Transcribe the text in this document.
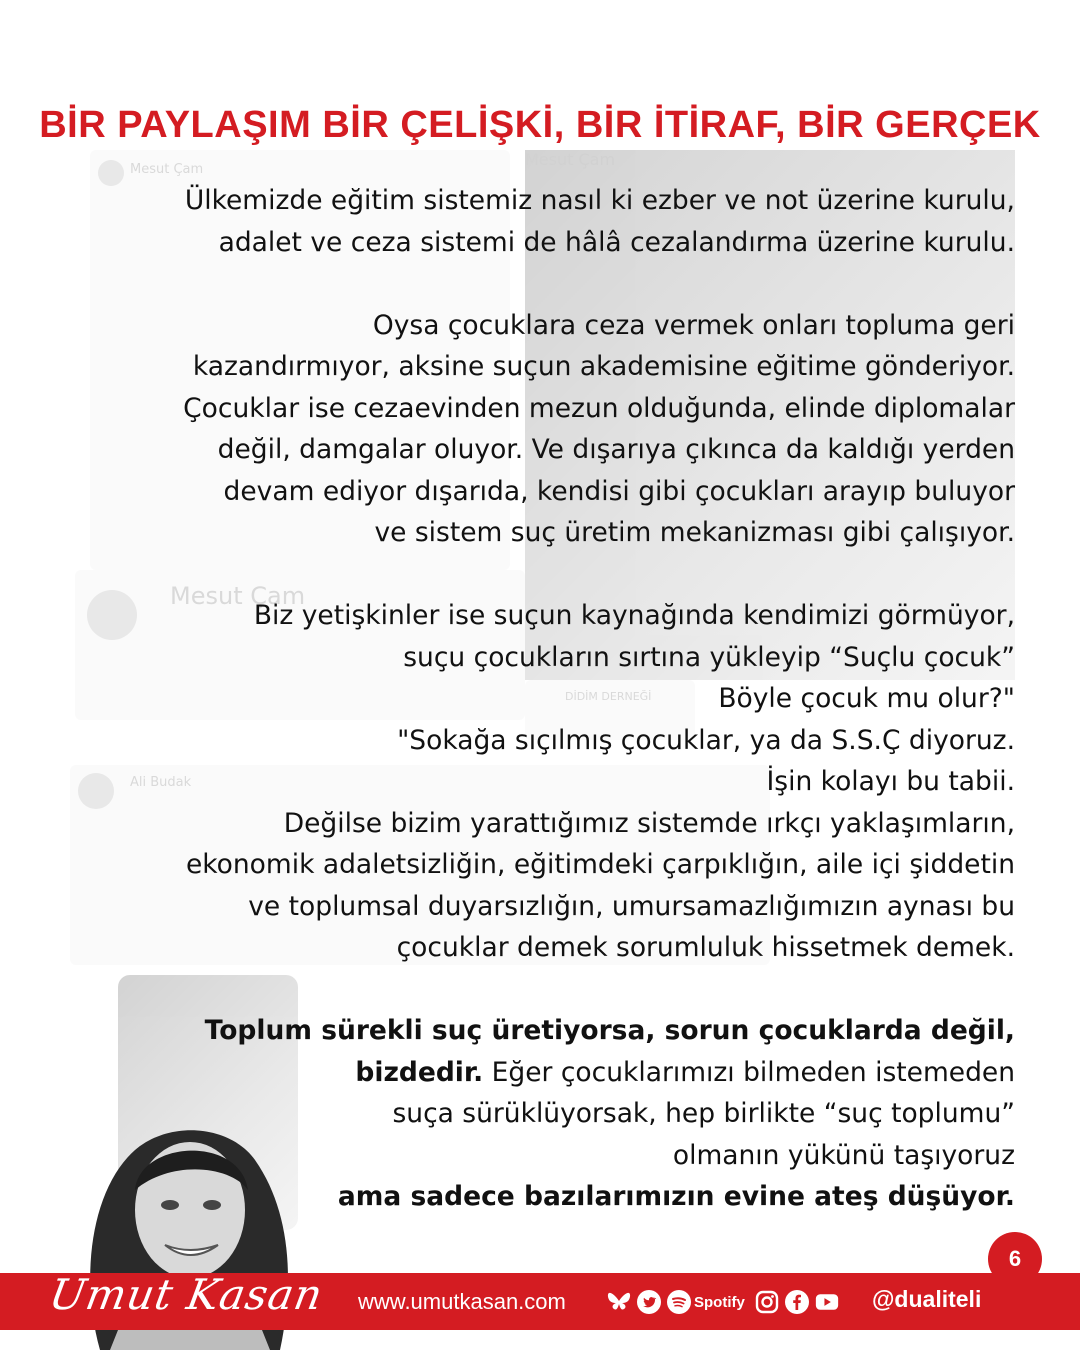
Mesut Çam
Mesut Çam
Mesut Çam
DİDİM DERNEĞİ
Ali Budak
BİR PAYLAŞIM BİR ÇELİŞKİ, BİR İTİRAF, BİR GERÇEK
Ülkemizde eğitim sistemiz nasıl ki ezber ve not üzerine kurulu,
adalet ve ceza sistemi de hâlâ cezalandırma üzerine kurulu.
Oysa çocuklara ceza vermek onları topluma geri
kazandırmıyor, aksine suçun akademisine eğitime gönderiyor.
Çocuklar ise cezaevinden mezun olduğunda, elinde diplomalar
değil, damgalar oluyor. Ve dışarıya çıkınca da kaldığı yerden
devam ediyor dışarıda, kendisi gibi çocukları arayıp buluyor
ve sistem suç üretim mekanizması gibi çalışıyor.
Biz yetişkinler ise suçun kaynağında kendimizi görmüyor,
suçu çocukların sırtına yükleyip “Suçlu çocuk”
Böyle çocuk mu olur?"
"Sokağa sıçılmış çocuklar, ya da S.S.Ç diyoruz.
İşin kolayı bu tabii.
Değilse bizim yarattığımız sistemde ırkçı yaklaşımların,
ekonomik adaletsizliğin, eğitimdeki çarpıklığın, aile içi şiddetin
ve toplumsal duyarsızlığın, umursamazlığımızın aynası bu
çocuklar demek sorumluluk hissetmek demek.
Toplum sürekli suç üretiyorsa, sorun çocuklarda değil,
bizdedir. Eğer çocuklarımızı bilmeden istemeden
suça sürüklüyorsak, hep birlikte “suç toplumu”
olmanın yükünü taşıyoruz
ama sadece bazılarımızın evine ateş düşüyor.
6
Umut Kasan www.umutkasan.com	Spotify	@dualiteli
